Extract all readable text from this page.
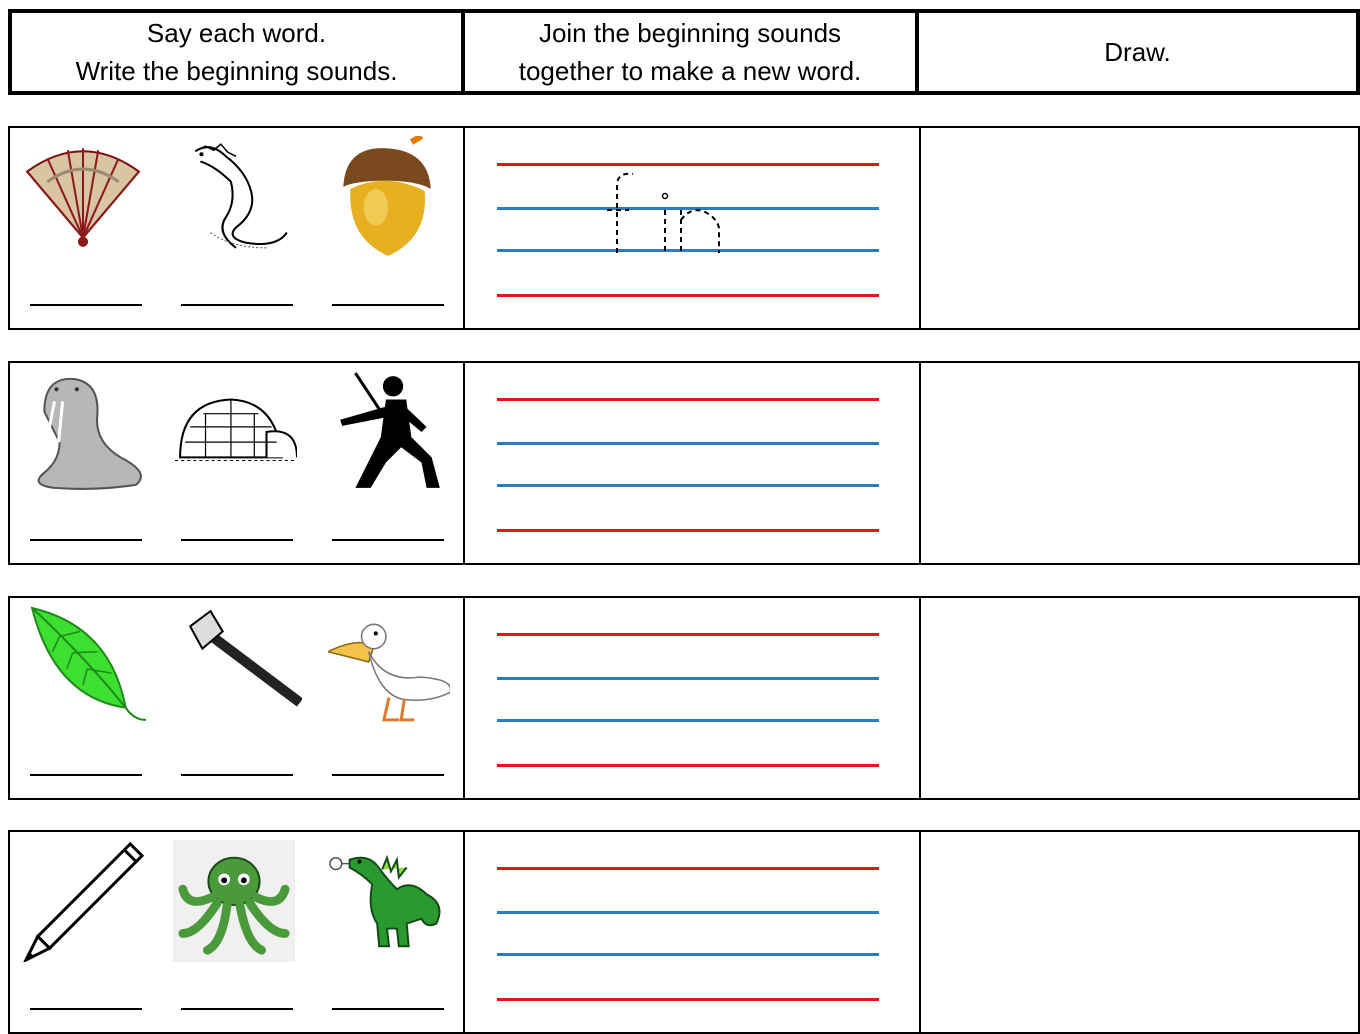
Say each word.
Write the beginning sounds.
Join the beginning sounds
together to make a new word.
Draw.
